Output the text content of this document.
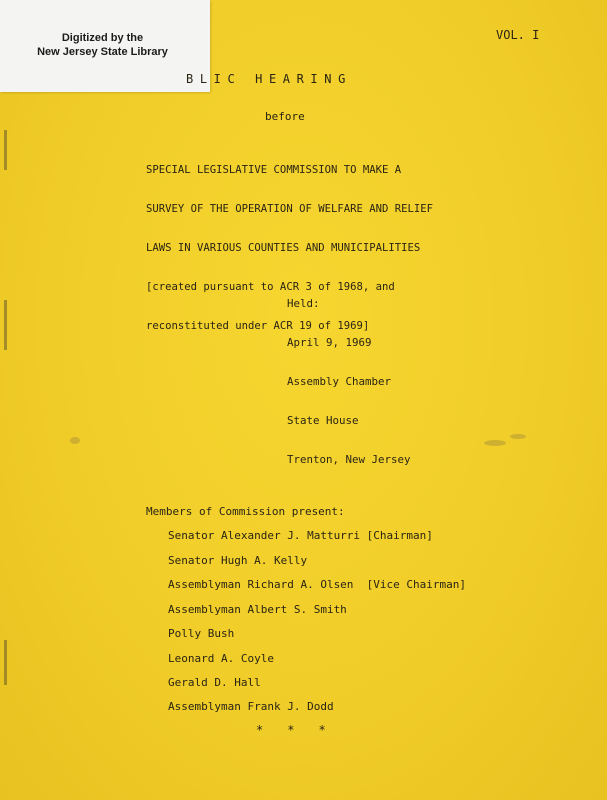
Digitized by the
New Jersey State Library
VOL. I
BLIC HEARING
before

SPECIAL LEGISLATIVE COMMISSION TO MAKE A

SURVEY OF THE OPERATION OF WELFARE AND RELIEF

LAWS IN VARIOUS COUNTIES AND MUNICIPALITIES

[created pursuant to ACR 3 of 1968, and

reconstituted under ACR 19 of 1969]

Held:

April 9, 1969

Assembly Chamber

State House

Trenton, New Jersey

Members of Commission present:
Senator Alexander J. Matturri [Chairman]
Senator Hugh A. Kelly
Assemblyman Richard A. Olsen  [Vice Chairman]
Assemblyman Albert S. Smith
Polly Bush
Leonard A. Coyle
Gerald D. Hall
Assemblyman Frank J. Dodd
* * *
